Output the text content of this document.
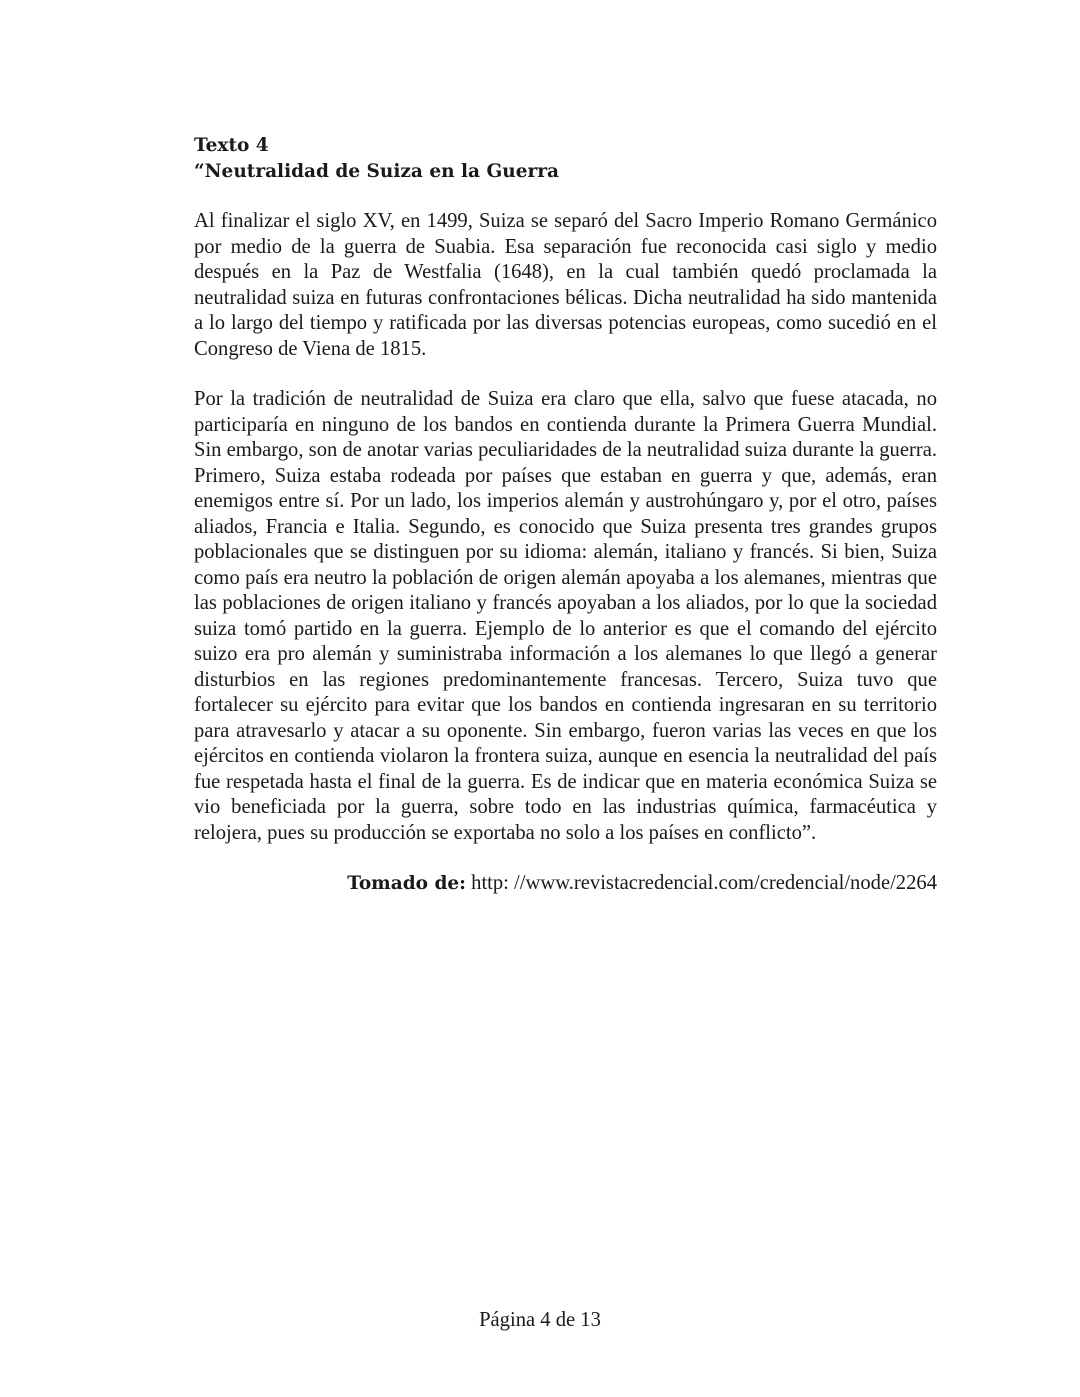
Texto 4

“Neutralidad de Suiza en la Guerra

Al finalizar el siglo XV, en 1499, Suiza se separó del Sacro Imperio Romano Germánico por medio de la guerra de Suabia. Esa separación fue reconocida casi siglo y medio después en la Paz de Westfalia (1648), en la cual también quedó proclamada la neutralidad suiza en futuras confrontaciones bélicas. Dicha neutralidad ha sido mantenida a lo largo del tiempo y ratificada por las diversas potencias europeas, como sucedió en el Congreso de Viena de 1815.

Por la tradición de neutralidad de Suiza era claro que ella, salvo que fuese atacada, no participaría en ninguno de los bandos en contienda durante la Primera Guerra Mundial. Sin embargo, son de anotar varias peculiaridades de la neutralidad suiza durante la guerra. Primero, Suiza estaba rodeada por países que estaban en guerra y que, además, eran enemigos entre sí. Por un lado, los imperios alemán y austrohúngaro y, por el otro, países aliados, Francia e Italia. Segundo, es conocido que Suiza presenta tres grandes grupos poblacionales que se distinguen por su idioma: alemán, italiano y francés. Si bien, Suiza como país era neutro la población de origen alemán apoyaba a los alemanes, mientras que las poblaciones de origen italiano y francés apoyaban a los aliados, por lo que la sociedad suiza tomó partido en la guerra. Ejemplo de lo anterior es que el comando del ejército suizo era pro alemán y suministraba información a los alemanes lo que llegó a generar disturbios en las regiones predominantemente francesas. Tercero, Suiza tuvo que fortalecer su ejército para evitar que los bandos en contienda ingresaran en su territorio para atravesarlo y atacar a su oponente. Sin embargo, fueron varias las veces en que los ejércitos en contienda violaron la frontera suiza, aunque en esencia la neutralidad del país fue respetada hasta el final de la guerra. Es de indicar que en materia económica Suiza se vio beneficiada por la guerra, sobre todo en las industrias química, farmacéutica y relojera, pues su producción se exportaba no solo a los países en conflicto”.

Tomado de: http: //www.revistacredencial.com/credencial/node/2264

Página 4 de 13
